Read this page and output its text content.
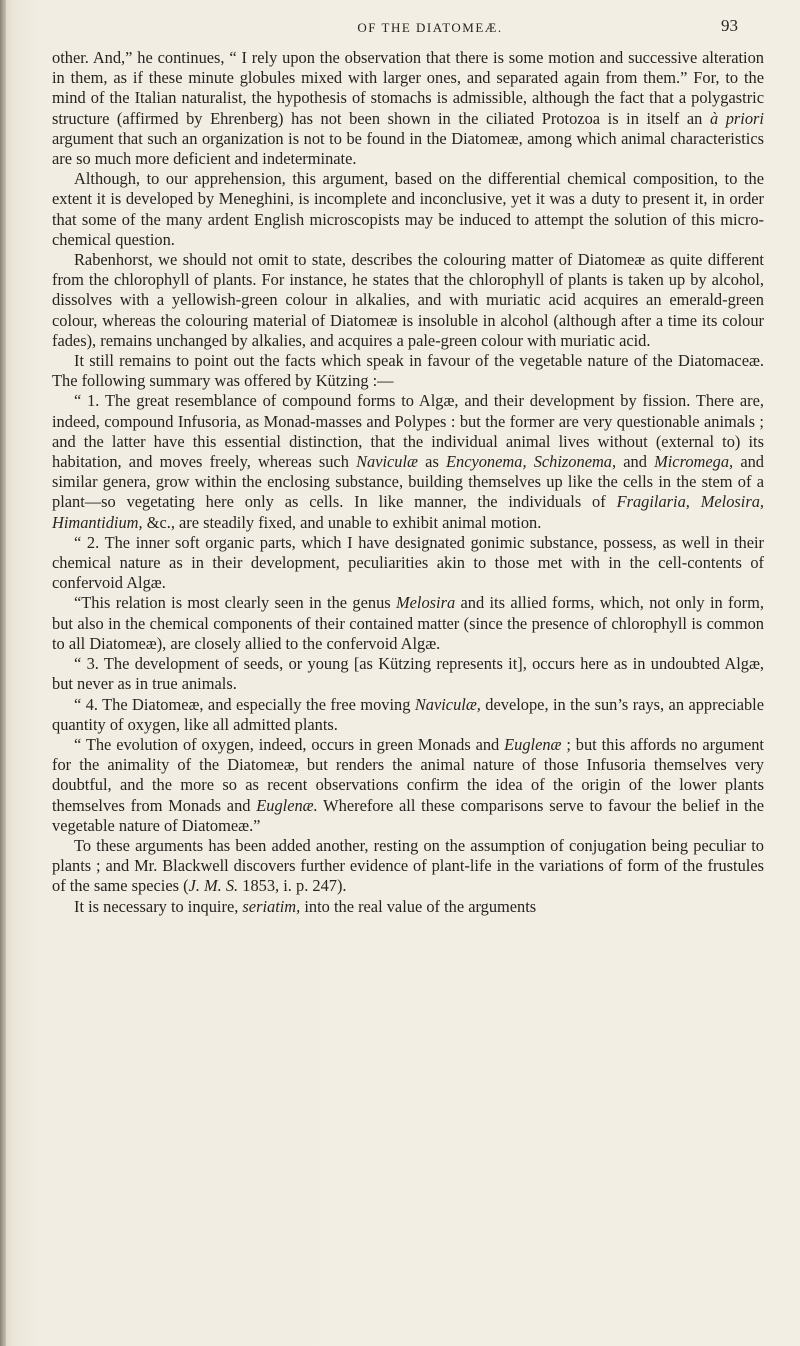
OF THE DIATOMEÆ.	93

other. And,” he continues, “ I rely upon the observation that there is some motion and successive alteration in them, as if these minute globules mixed with larger ones, and separated again from them.” For, to the mind of the Italian naturalist, the hypothesis of stomachs is admissible, although the fact that a polygastric structure (affirmed by Ehrenberg) has not been shown in the ciliated Protozoa is in itself an à priori argument that such an organization is not to be found in the Diatomeæ, among which animal characteristics are so much more deficient and indeterminate.

Although, to our apprehension, this argument, based on the differential chemical composition, to the extent it is developed by Meneghini, is incomplete and inconclusive, yet it was a duty to present it, in order that some of the many ardent English microscopists may be induced to attempt the solution of this micro-chemical question.

Rabenhorst, we should not omit to state, describes the colouring matter of Diatomeæ as quite different from the chlorophyll of plants. For instance, he states that the chlorophyll of plants is taken up by alcohol, dissolves with a yellowish-green colour in alkalies, and with muriatic acid acquires an emerald-green colour, whereas the colouring material of Diatomeæ is insoluble in alcohol (although after a time its colour fades), remains unchanged by alkalies, and acquires a pale-green colour with muriatic acid.

It still remains to point out the facts which speak in favour of the vegetable nature of the Diatomaceæ. The following summary was offered by Kützing :—

“ 1. The great resemblance of compound forms to Algæ, and their development by fission. There are, indeed, compound Infusoria, as Monad-masses and Polypes : but the former are very questionable animals ; and the latter have this essential distinction, that the individual animal lives without (external to) its habitation, and moves freely, whereas such Naviculæ as Encyonema, Schizonema, and Micromega, and similar genera, grow within the enclosing substance, building themselves up like the cells in the stem of a plant—so vegetating here only as cells. In like manner, the individuals of Fragilaria, Melosira, Himantidium, &c., are steadily fixed, and unable to exhibit animal motion.

“ 2. The inner soft organic parts, which I have designated gonimic substance, possess, as well in their chemical nature as in their development, peculiarities akin to those met with in the cell-contents of confervoid Algæ.

“This relation is most clearly seen in the genus Melosira and its allied forms, which, not only in form, but also in the chemical components of their contained matter (since the presence of chlorophyll is common to all Diatomeæ), are closely allied to the confervoid Algæ.

“ 3. The development of seeds, or young [as Kützing represents it], occurs here as in undoubted Algæ, but never as in true animals.

“ 4. The Diatomeæ, and especially the free moving Naviculæ, develope, in the sun’s rays, an appreciable quantity of oxygen, like all admitted plants.

“ The evolution of oxygen, indeed, occurs in green Monads and Euglenæ ; but this affords no argument for the animality of the Diatomeæ, but renders the animal nature of those Infusoria themselves very doubtful, and the more so as recent observations confirm the idea of the origin of the lower plants themselves from Monads and Euglenæ. Wherefore all these comparisons serve to favour the belief in the vegetable nature of Diatomeæ.”

To these arguments has been added another, resting on the assumption of conjugation being peculiar to plants ; and Mr. Blackwell discovers further evidence of plant-life in the variations of form of the frustules of the same species (J. M. S. 1853, i. p. 247).

It is necessary to inquire, seriatim, into the real value of the arguments
